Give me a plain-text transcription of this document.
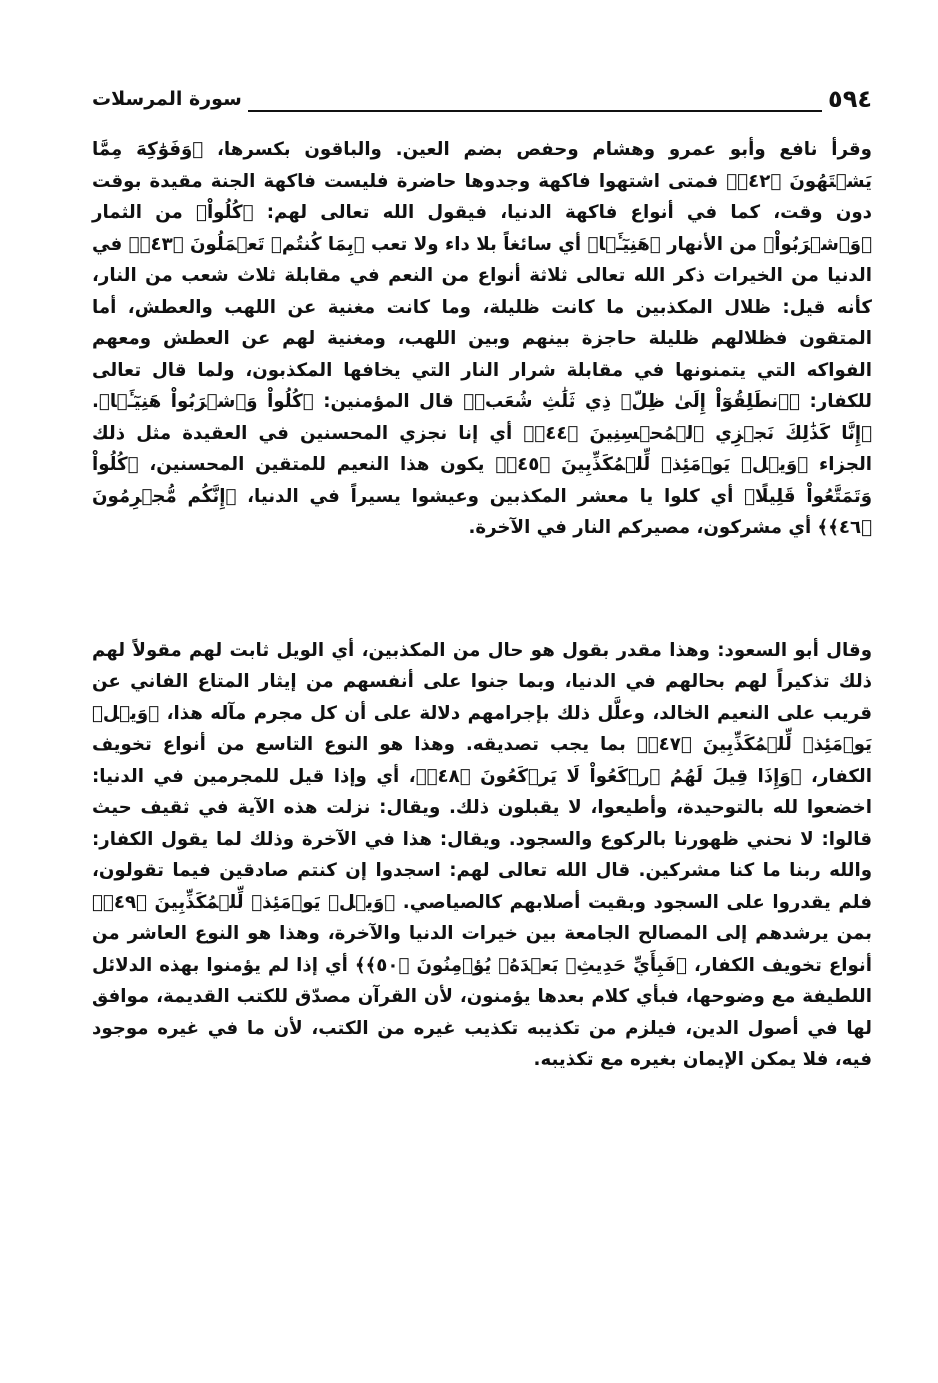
٥٩٤
سورة المرسلات

وقرأ نافع وأبو عمرو وهشام وحفص بضم العين. والباقون بكسرها، ﴿وَفَوَٰكِهَ مِمَّا يَشۡتَهُونَ ﴿٤٢﴾﴾ فمتى اشتهوا فاكهة وجدوها حاضرة فليست فاكهة الجنة مقيدة بوقت دون وقت، كما في أنواع فاكهة الدنيا، فيقول الله تعالى لهم: ﴿كُلُواْ﴾ من الثمار ﴿وَٱشۡرَبُواْ﴾ من الأنهار ﴿هَنِيٓـَٔۢا﴾ أي سائغاً بلا داء ولا تعب ﴿بِمَا كُنتُمۡ تَعۡمَلُونَ ﴿٤٣﴾﴾ في الدنيا من الخيرات ذكر الله تعالى ثلاثة أنواع من النعم في مقابلة ثلاث شعب من النار، كأنه قيل: ظلال المكذبين ما كانت ظليلة، وما كانت مغنية عن اللهب والعطش، أما المتقون فظلالهم ظليلة حاجزة بينهم وبين اللهب، ومغنية لهم عن العطش ومعهم الفواكه التي يتمنونها في مقابلة شرار النار التي يخافها المكذبون، ولما قال تعالى للكفار: ﴿ٱنطَلِقُوٓاْ إِلَىٰ ظِلّٖ ذِي ثَلَٰثِ شُعَبٖ﴾ قال المؤمنين: ﴿كُلُواْ وَٱشۡرَبُواْ هَنِيٓـَٔۢا﴾. ﴿إِنَّا كَذَٰلِكَ نَجۡزِي ٱلۡمُحۡسِنِينَ ﴿٤٤﴾﴾ أي إنا نجزي المحسنين في العقيدة مثل ذلك الجزاء ﴿وَيۡلٞ يَوۡمَئِذٖ لِّلۡمُكَذِّبِينَ ﴿٤٥﴾﴾ يكون هذا النعيم للمتقين المحسنين، ﴿كُلُواْ وَتَمَتَّعُواْ قَلِيلًا﴾ أي كلوا يا معشر المكذبين وعيشوا يسيراً في الدنيا، ﴿إِنَّكُم مُّجۡرِمُونَ ﴿٤٦﴾﴾ أي مشركون، مصيركم النار في الآخرة.

وقال أبو السعود: وهذا مقدر بقول هو حال من المكذبين، أي الويل ثابت لهم مقولاً لهم ذلك تذكيراً لهم بحالهم في الدنيا، وبما جنوا على أنفسهم من إيثار المتاع الفاني عن قريب على النعيم الخالد، وعلَّل ذلك بإجرامهم دلالة على أن كل مجرم مآله هذا، ﴿وَيۡلٞ يَوۡمَئِذٖ لِّلۡمُكَذِّبِينَ ﴿٤٧﴾﴾ بما يجب تصديقه. وهذا هو النوع التاسع من أنواع تخويف الكفار، ﴿وَإِذَا قِيلَ لَهُمُ ٱرۡكَعُواْ لَا يَرۡكَعُونَ ﴿٤٨﴾﴾، أي وإذا قيل للمجرمين في الدنيا: اخضعوا لله بالتوحيدة، وأطيعوا، لا يقبلون ذلك. ويقال: نزلت هذه الآية في ثقيف حيث قالوا: لا نحني ظهورنا بالركوع والسجود. ويقال: هذا في الآخرة وذلك لما يقول الكفار: والله ربنا ما كنا مشركين. قال الله تعالى لهم: اسجدوا إن كنتم صادقين فيما تقولون، فلم يقدروا على السجود وبقيت أصلابهم كالصياصي. ﴿وَيۡلٞ يَوۡمَئِذٖ لِّلۡمُكَذِّبِينَ ﴿٤٩﴾﴾ بمن يرشدهم إلى المصالح الجامعة بين خيرات الدنيا والآخرة، وهذا هو النوع العاشر من أنواع تخويف الكفار، ﴿فَبِأَيِّ حَدِيثِۭ بَعۡدَهُۥ يُؤۡمِنُونَ ﴿٥٠﴾﴾ أي إذا لم يؤمنوا بهذه الدلائل اللطيفة مع وضوحها، فبأي كلام بعدها يؤمنون، لأن القرآن مصدّق للكتب القديمة، موافق لها في أصول الدين، فيلزم من تكذيبه تكذيب غيره من الكتب، لأن ما في غيره موجود فيه، فلا يمكن الإيمان بغيره مع تكذيبه.
